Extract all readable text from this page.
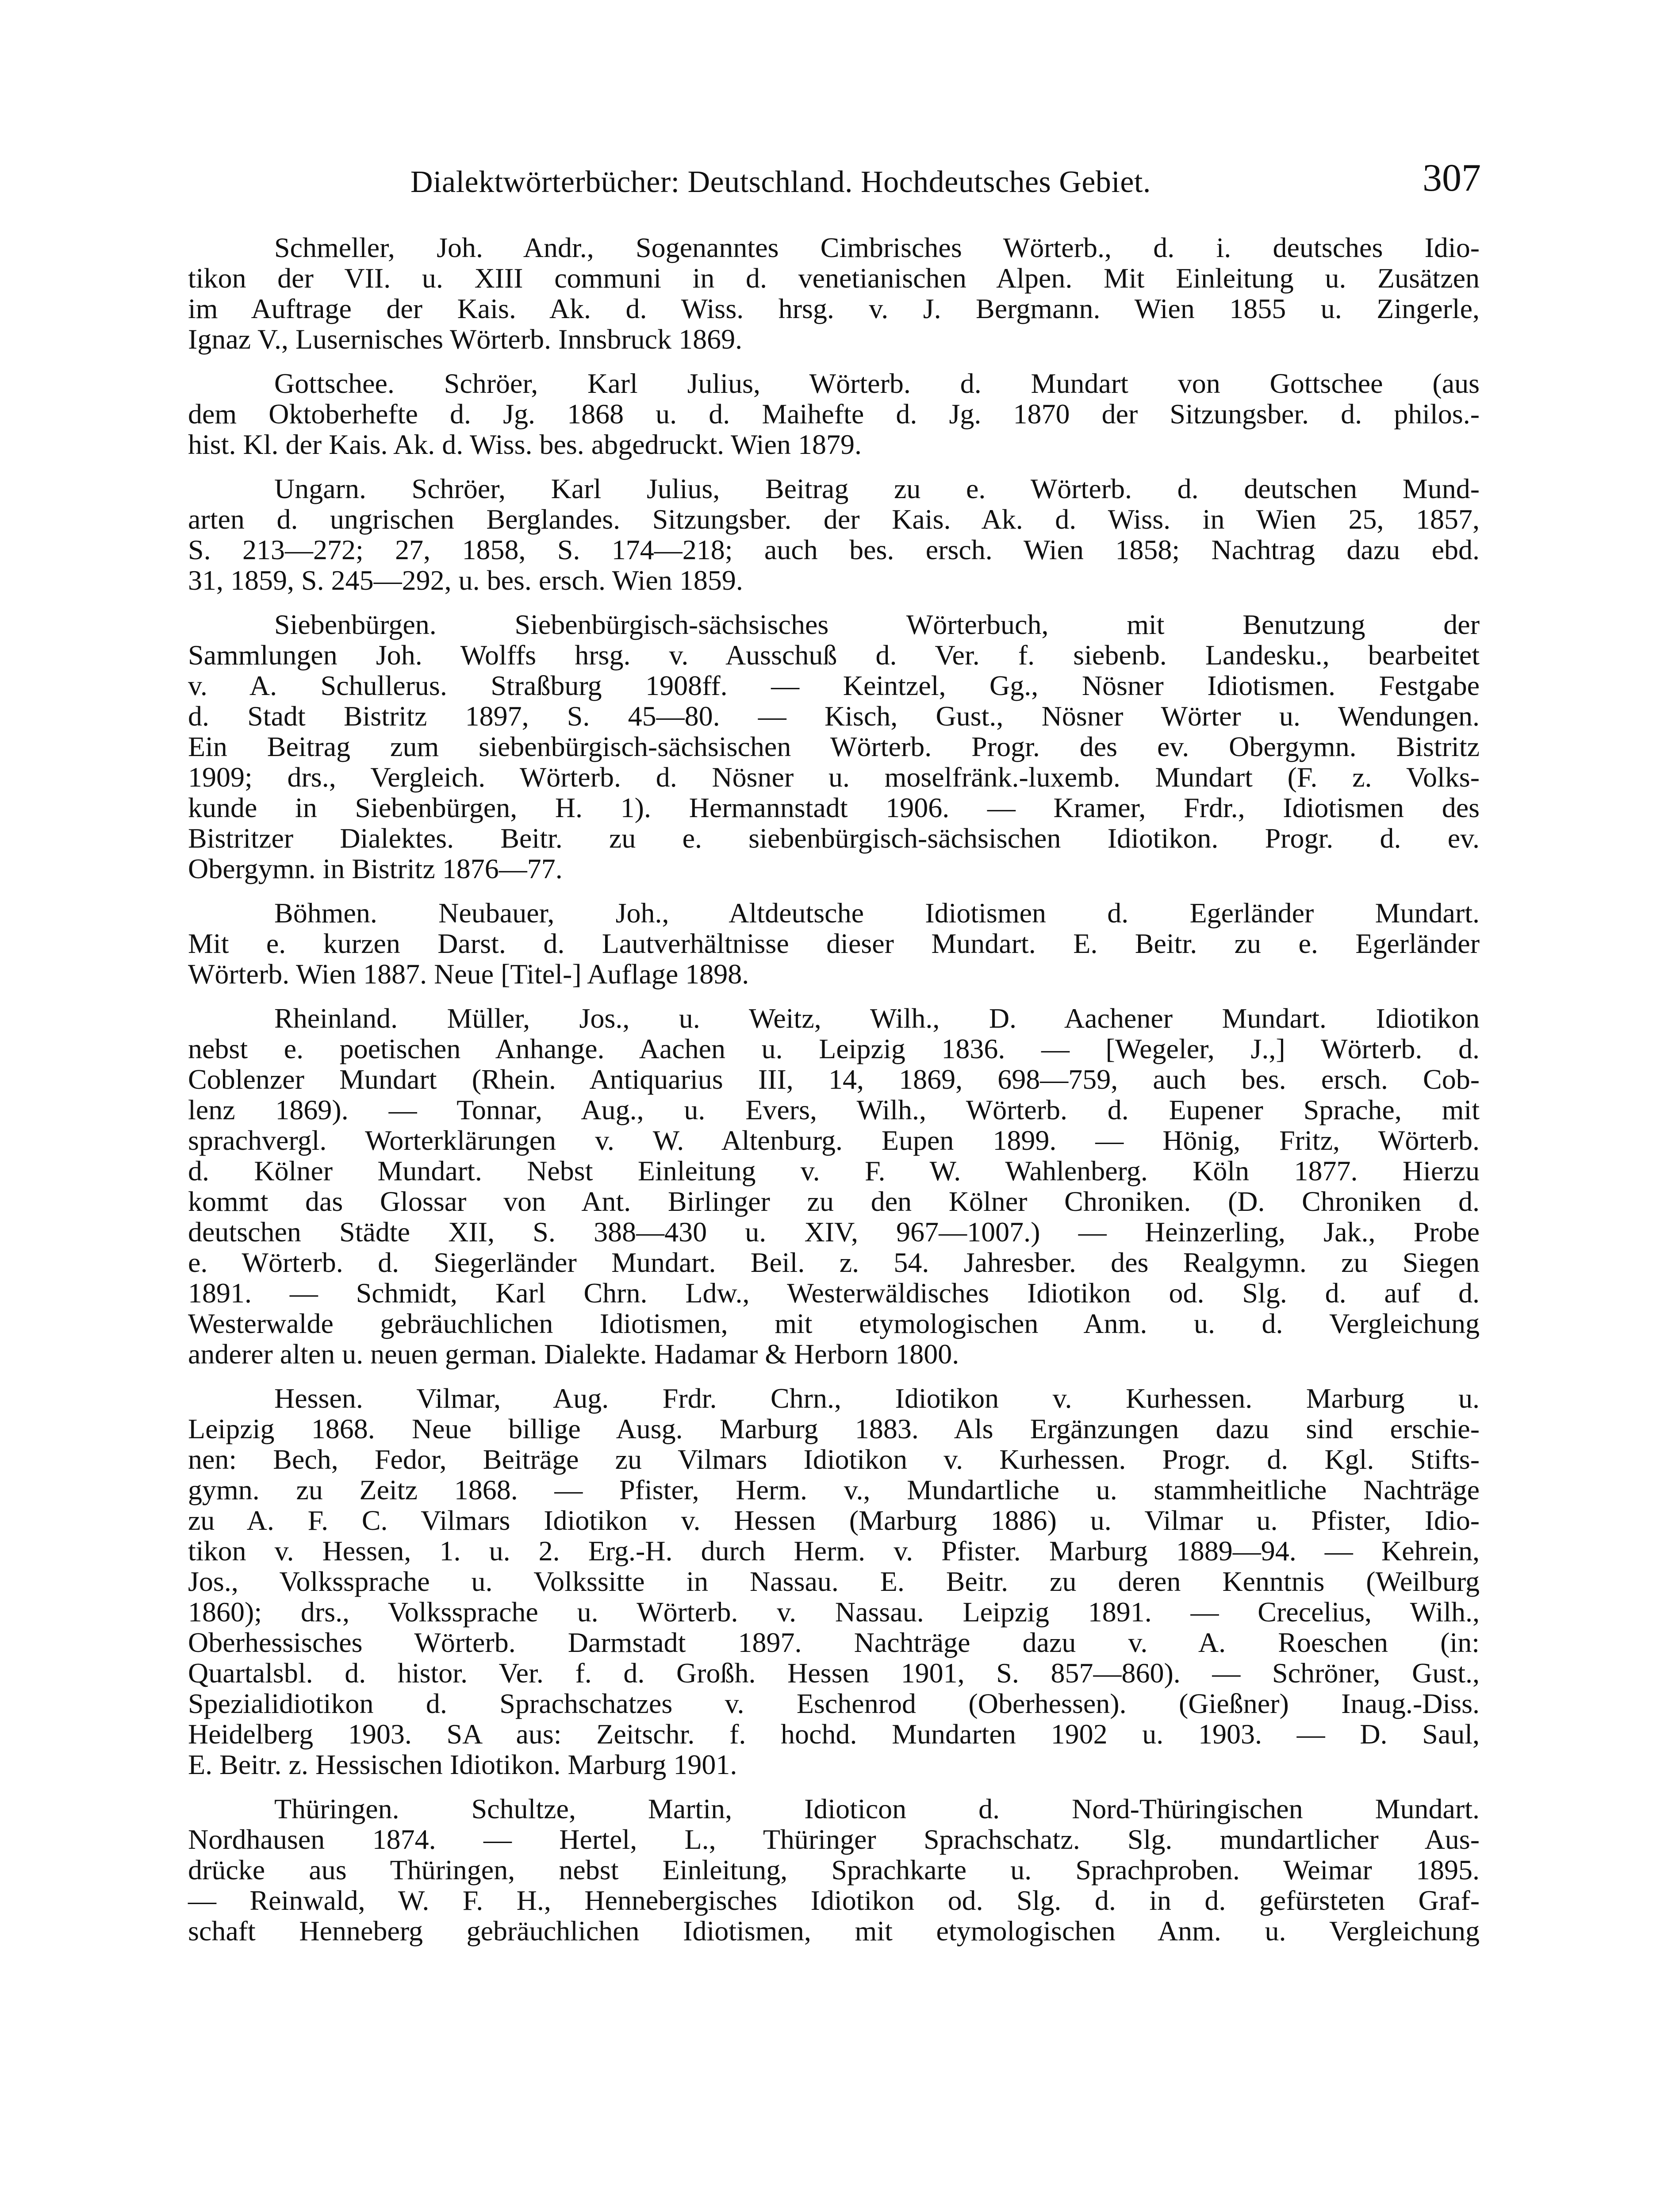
Dialektwörterbücher: Deutschland. Hochdeutsches Gebiet.	307
Schmeller, Joh. Andr., Sogenanntes Cimbrisches Wörterb., d. i. deutsches Idio-
tikon der VII. u. XIII communi in d. venetianischen Alpen. Mit Einleitung u. Zusätzen
im Auftrage der Kais. Ak. d. Wiss. hrsg. v. J. Bergmann. Wien 1855 u. Zingerle,
Ignaz V., Lusernisches Wörterb. Innsbruck 1869.
Gottschee. Schröer, Karl Julius, Wörterb. d. Mundart von Gottschee (aus
dem Oktoberhefte d. Jg. 1868 u. d. Maihefte d. Jg. 1870 der Sitzungsber. d. philos.-
hist. Kl. der Kais. Ak. d. Wiss. bes. abgedruckt. Wien 1879.
Ungarn. Schröer, Karl Julius, Beitrag zu e. Wörterb. d. deutschen Mund-
arten d. ungrischen Berglandes. Sitzungsber. der Kais. Ak. d. Wiss. in Wien 25, 1857,
S. 213—272; 27, 1858, S. 174—218; auch bes. ersch. Wien 1858; Nachtrag dazu ebd.
31, 1859, S. 245—292, u. bes. ersch. Wien 1859.
Siebenbürgen. Siebenbürgisch-sächsisches Wörterbuch, mit Benutzung der
Sammlungen Joh. Wolffs hrsg. v. Ausschuß d. Ver. f. siebenb. Landesku., bearbeitet
v. A. Schullerus. Straßburg 1908ff. — Keintzel, Gg., Nösner Idiotismen. Festgabe
d. Stadt Bistritz 1897, S. 45—80. — Kisch, Gust., Nösner Wörter u. Wendungen.
Ein Beitrag zum siebenbürgisch-sächsischen Wörterb. Progr. des ev. Obergymn. Bistritz
1909; drs., Vergleich. Wörterb. d. Nösner u. moselfränk.-luxemb. Mundart (F. z. Volks-
kunde in Siebenbürgen, H. 1). Hermannstadt 1906. — Kramer, Frdr., Idiotismen des
Bistritzer Dialektes. Beitr. zu e. siebenbürgisch-sächsischen Idiotikon. Progr. d. ev.
Obergymn. in Bistritz 1876—77.
Böhmen. Neubauer, Joh., Altdeutsche Idiotismen d. Egerländer Mundart.
Mit e. kurzen Darst. d. Lautverhältnisse dieser Mundart. E. Beitr. zu e. Egerländer
Wörterb. Wien 1887. Neue [Titel-] Auflage 1898.
Rheinland. Müller, Jos., u. Weitz, Wilh., D. Aachener Mundart. Idiotikon
nebst e. poetischen Anhange. Aachen u. Leipzig 1836. — [Wegeler, J.,] Wörterb. d.
Coblenzer Mundart (Rhein. Antiquarius III, 14, 1869, 698—759, auch bes. ersch. Cob-
lenz 1869). — Tonnar, Aug., u. Evers, Wilh., Wörterb. d. Eupener Sprache, mit
sprachvergl. Worterklärungen v. W. Altenburg. Eupen 1899. — Hönig, Fritz, Wörterb.
d. Kölner Mundart. Nebst Einleitung v. F. W. Wahlenberg. Köln 1877. Hierzu
kommt das Glossar von Ant. Birlinger zu den Kölner Chroniken. (D. Chroniken d.
deutschen Städte XII, S. 388—430 u. XIV, 967—1007.) — Heinzerling, Jak., Probe
e. Wörterb. d. Siegerländer Mundart. Beil. z. 54. Jahresber. des Realgymn. zu Siegen
1891. — Schmidt, Karl Chrn. Ldw., Westerwäldisches Idiotikon od. Slg. d. auf d.
Westerwalde gebräuchlichen Idiotismen, mit etymologischen Anm. u. d. Vergleichung
anderer alten u. neuen german. Dialekte. Hadamar & Herborn 1800.
Hessen. Vilmar, Aug. Frdr. Chrn., Idiotikon v. Kurhessen. Marburg u.
Leipzig 1868. Neue billige Ausg. Marburg 1883. Als Ergänzungen dazu sind erschie-
nen: Bech, Fedor, Beiträge zu Vilmars Idiotikon v. Kurhessen. Progr. d. Kgl. Stifts-
gymn. zu Zeitz 1868. — Pfister, Herm. v., Mundartliche u. stammheitliche Nachträge
zu A. F. C. Vilmars Idiotikon v. Hessen (Marburg 1886) u. Vilmar u. Pfister, Idio-
tikon v. Hessen, 1. u. 2. Erg.-H. durch Herm. v. Pfister. Marburg 1889—94. — Kehrein,
Jos., Volkssprache u. Volkssitte in Nassau. E. Beitr. zu deren Kenntnis (Weilburg
1860); drs., Volkssprache u. Wörterb. v. Nassau. Leipzig 1891. — Crecelius, Wilh.,
Oberhessisches Wörterb. Darmstadt 1897. Nachträge dazu v. A. Roeschen (in:
Quartalsbl. d. histor. Ver. f. d. Großh. Hessen 1901, S. 857—860). — Schröner, Gust.,
Spezialidiotikon d. Sprachschatzes v. Eschenrod (Oberhessen). (Gießner) Inaug.-Diss.
Heidelberg 1903. SA aus: Zeitschr. f. hochd. Mundarten 1902 u. 1903. — D. Saul,
E. Beitr. z. Hessischen Idiotikon. Marburg 1901.
Thüringen. Schultze, Martin, Idioticon d. Nord-Thüringischen Mundart.
Nordhausen 1874. — Hertel, L., Thüringer Sprachschatz. Slg. mundartlicher Aus-
drücke aus Thüringen, nebst Einleitung, Sprachkarte u. Sprachproben. Weimar 1895.
— Reinwald, W. F. H., Hennebergisches Idiotikon od. Slg. d. in d. gefürsteten Graf-
schaft Henneberg gebräuchlichen Idiotismen, mit etymologischen Anm. u. Vergleichung
